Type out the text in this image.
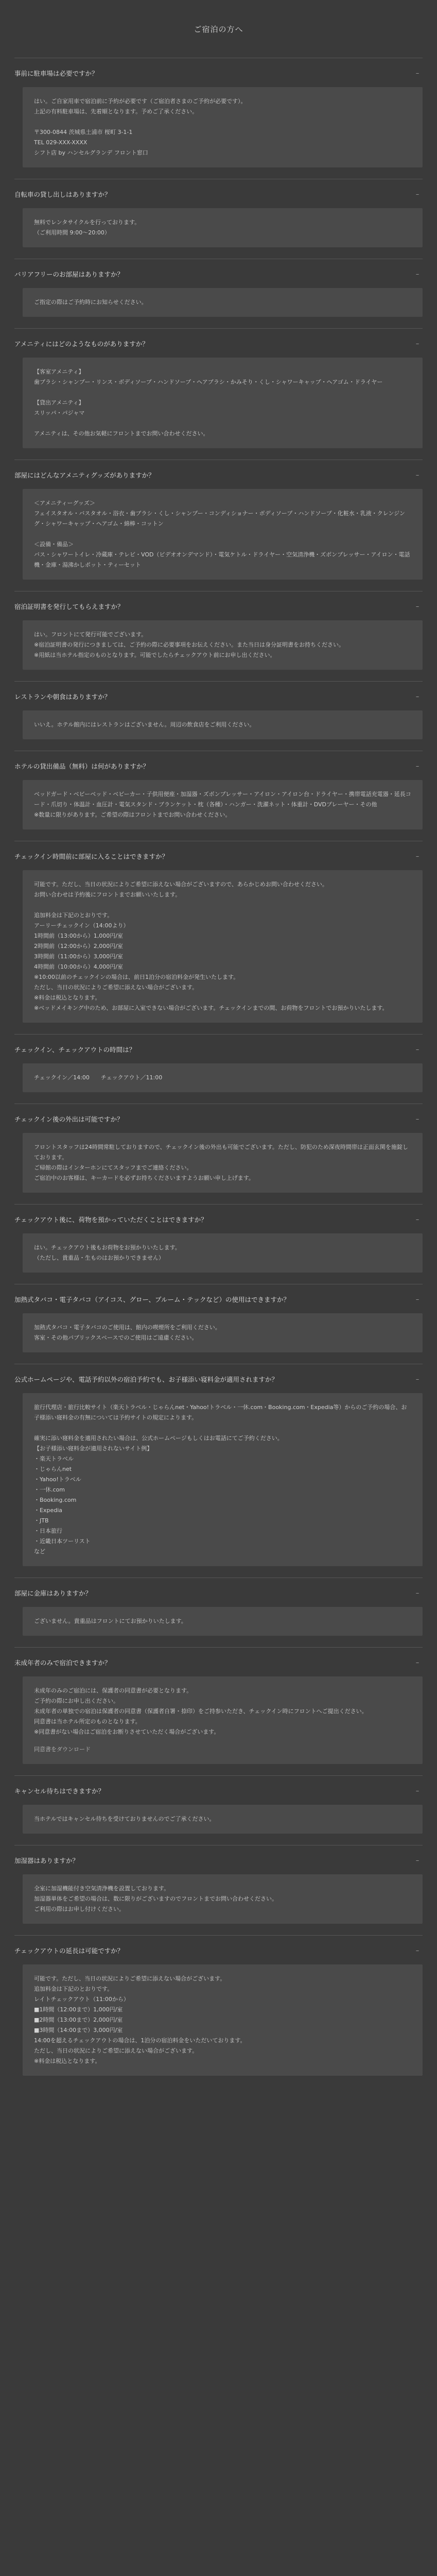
ご宿泊の方へ
事前に駐車場は必要ですか？	–
はい。ご自家用車で宿泊前に予約が必要です（ご宿泊者さまのご予約が必要です）。
上記の有料駐車場は、先着順となります。予めご了承ください。

〒300-0844 茨城県土浦市 桜町 3-1-1
TEL 029-XXX-XXXX
シフト店 by ハンセルグランデ フロント窓口
自転車の貸し出しはありますか？	–
無料でレンタサイクルを行っております。
（ご利用時間 9:00〜20:00）
バリアフリーのお部屋はありますか？	–
ご指定の際はご予約時にお知らせください。
アメニティにはどのようなものがありますか？	–
【客室アメニティ】
歯ブラシ・シャンプー・リンス・ボディソープ・ハンドソープ・ヘアブラシ・かみそり・くし・シャワーキャップ・ヘアゴム・ドライヤー

【貸出アメニティ】
スリッパ・パジャマ

アメニティは、その他お気軽にフロントまでお問い合わせください。
部屋にはどんなアメニティグッズがありますか？	–
＜アメニティーグッズ＞
フェイスタオル・バスタオル・浴衣・歯ブラシ・くし・シャンプー・コンディショナー・ボディソープ・ハンドソープ・化粧水・乳液・クレンジング・シャワーキャップ・ヘアゴム・綿棒・コットン

＜設備・備品＞
バス・シャワートイレ・冷蔵庫・テレビ・VOD（ビデオオンデマンド）・電気ケトル・ドライヤー・空気清浄機・ズボンプレッサー・アイロン・電話機・金庫・湯沸かしポット・ティーセット
宿泊証明書を発行してもらえますか？	–
はい。フロントにて発行可能でございます。
※宿泊証明書の発行につきましては、ご予約の際に必要事項をお伝えください。また当日は身分証明書をお持ちください。
※用紙は当ホテル指定のものとなります。可能でしたらチェックアウト前にお申し出ください。
レストランや朝食はありますか？	–
いいえ。ホテル館内にはレストランはございません。周辺の飲食店をご利用ください。
ホテルの貸出備品（無料）は何がありますか？	–
ベッドガード・ベビーベッド・ベビーカー・子供用便座・加湿器・ズボンプレッサー・アイロン・アイロン台・ドライヤー・携帯電話充電器・延長コード・爪切り・体温計・血圧計・電気スタンド・ブランケット・枕（各種）・ハンガー・洗濯ネット・体重計・DVDプレーヤー・その他
※数量に限りがあります。ご希望の際はフロントまでお問い合わせください。
チェックイン時間前に部屋に入ることはできますか？	–
可能です。ただし、当日の状況によりご希望に添えない場合がございますので、あらかじめお問い合わせください。
お問い合わせは予約後にフロントまでお願いいたします。

追加料金は下記のとおりです。
アーリーチェックイン（14:00より）
1時間前（13:00から）1,000円/室
2時間前（12:00から）2,000円/室
3時間前（11:00から）3,000円/室
4時間前（10:00から）4,000円/室
※10:00以前のチェックインの場合は、前日1泊分の宿泊料金が発生いたします。
ただし、当日の状況によりご希望に添えない場合がございます。
※料金は税込となります。
※ベッドメイキング中のため、お部屋に入室できない場合がございます。チェックインまでの間、お荷物をフロントでお預かりいたします。
チェックイン、チェックアウトの時間は？	–
チェックイン／14:00　　チェックアウト／11:00
チェックイン後の外出は可能ですか？	–
フロントスタッフは24時間常駐しておりますので、チェックイン後の外出も可能でございます。ただし、防犯のため深夜時間帯は正面玄関を施錠しております。
ご帰館の際はインターホンにてスタッフまでご連絡ください。
ご宿泊中のお客様は、キーカードを必ずお持ちくださいますようお願い申し上げます。
チェックアウト後に、荷物を預かっていただくことはできますか？	–
はい。チェックアウト後もお荷物をお預かりいたします。
（ただし、貴重品・生ものはお預かりできません）
加熱式タバコ・電子タバコ（アイコス、グロー、プルーム・テックなど）の使用はできますか？	–
加熱式タバコ・電子タバコのご使用は、館内の喫煙所をご利用ください。
客室・その他パブリックスペースでのご使用はご遠慮ください。
公式ホームページや、電話予約以外の宿泊予約でも、お子様添い寝料金が適用されますか？	–
旅行代理店・旅行比較サイト（楽天トラベル・じゃらんnet・Yahoo!トラベル・一休.com・Booking.com・Expedia等）からのご予約の場合、お子様添い寝料金の有無については予約サイトの規定によります。

確実に添い寝料金を適用されたい場合は、公式ホームページもしくはお電話にてご予約ください。
【お子様添い寝料金が適用されないサイト例】
・楽天トラベル
・じゃらんnet
・Yahoo!トラベル
・一休.com
・Booking.com
・Expedia
・JTB
・日本旅行
・近畿日本ツーリスト
など
部屋に金庫はありますか？	–
ございません。貴重品はフロントにてお預かりいたします。
未成年者のみで宿泊できますか？	–
未成年のみのご宿泊には、保護者の同意書が必要となります。
ご予約の際にお申し出ください。
未成年者の単独での宿泊は保護者の同意書（保護者自署・捺印）をご持参いただき、チェックイン時にフロントへご提出ください。
同意書は当ホテル所定のものとなります。
※同意書がない場合はご宿泊をお断りさせていただく場合がございます。
同意書をダウンロード
キャンセル待ちはできますか？	–
当ホテルではキャンセル待ちを受けておりませんのでご了承ください。
加湿器はありますか？	–
全室に加湿機能付き空気清浄機を設置しております。
加湿器単体をご希望の場合は、数に限りがございますのでフロントまでお問い合わせください。
ご利用の際はお申し付けください。
チェックアウトの延長は可能ですか？	–
可能です。ただし、当日の状況によりご希望に添えない場合がございます。
追加料金は下記のとおりです。
レイトチェックアウト（11:00から）
■1時間（12:00まで）1,000円/室
■2時間（13:00まで）2,000円/室
■3時間（14:00まで）3,000円/室
14:00を超えるチェックアウトの場合は、1泊分の宿泊料金をいただいております。
ただし、当日の状況によりご希望に添えない場合がございます。
※料金は税込となります。
